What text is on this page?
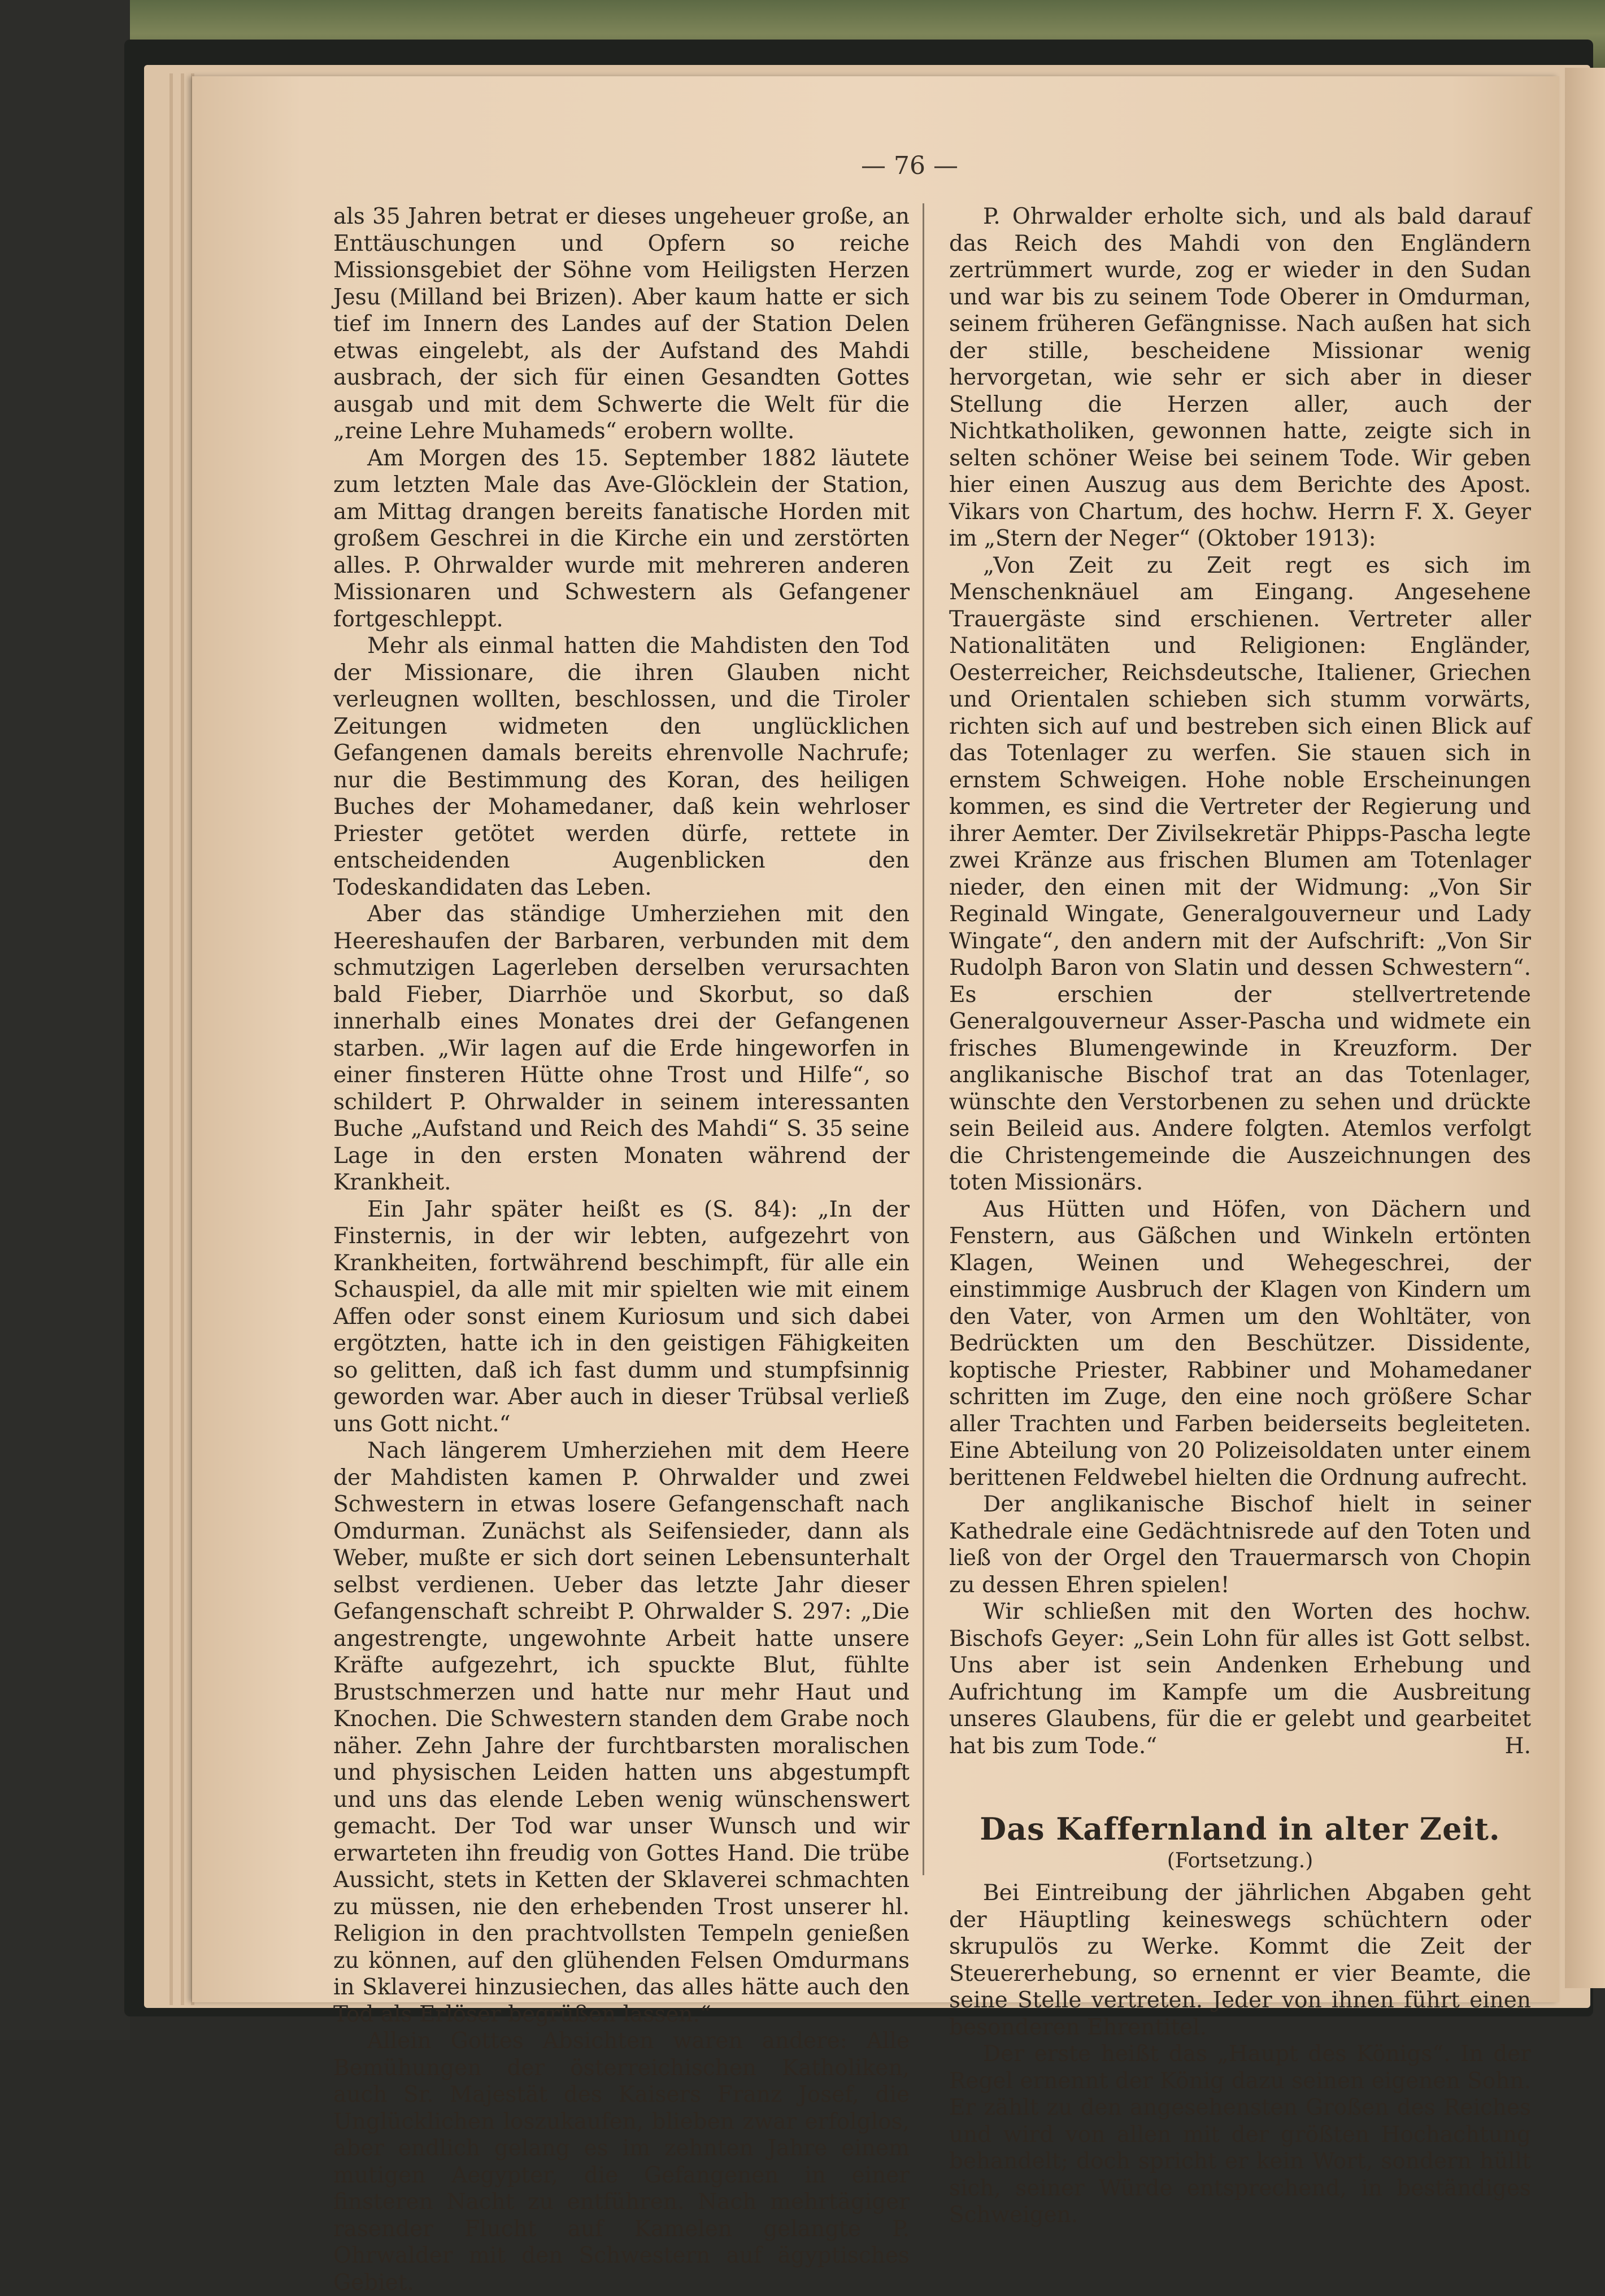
— 76 —

als 35 Jahren betrat er dieses ungeheuer große, an Enttäuschungen und Opfern so reiche Missionsgebiet der Söhne vom Heiligsten Herzen Jesu (Milland bei Brizen). Aber kaum hatte er sich tief im Innern des Landes auf der Station Delen etwas eingelebt, als der Aufstand des Mahdi ausbrach, der sich für einen Gesandten Gottes ausgab und mit dem Schwerte die Welt für die „reine Lehre Muhameds“ erobern wollte.

Am Morgen des 15. September 1882 läutete zum letzten Male das Ave-Glöcklein der Station, am Mittag drangen bereits fanatische Horden mit großem Geschrei in die Kirche ein und zerstörten alles. P. Ohrwalder wurde mit mehreren anderen Missionaren und Schwestern als Gefangener fortgeschleppt.

Mehr als einmal hatten die Mahdisten den Tod der Missionare, die ihren Glauben nicht verleugnen wollten, beschlossen, und die Tiroler Zeitungen widmeten den unglücklichen Gefangenen damals bereits ehrenvolle Nachrufe; nur die Bestimmung des Koran, des heiligen Buches der Mohamedaner, daß kein wehrloser Priester getötet werden dürfe, rettete in entscheidenden Augenblicken den Todeskandidaten das Leben.

Aber das ständige Umherziehen mit den Heereshaufen der Barbaren, verbunden mit dem schmutzigen Lagerleben derselben verursachten bald Fieber, Diarrhöe und Skorbut, so daß innerhalb eines Monates drei der Gefangenen starben. „Wir lagen auf die Erde hingeworfen in einer finsteren Hütte ohne Trost und Hilfe“, so schildert P. Ohrwalder in seinem interessanten Buche „Aufstand und Reich des Mahdi“ S. 35 seine Lage in den ersten Monaten während der Krankheit.

Ein Jahr später heißt es (S. 84): „In der Finsternis, in der wir lebten, aufgezehrt von Krankheiten, fortwährend beschimpft, für alle ein Schauspiel, da alle mit mir spielten wie mit einem Affen oder sonst einem Kuriosum und sich dabei ergötzten, hatte ich in den geistigen Fähigkeiten so gelitten, daß ich fast dumm und stumpfsinnig geworden war. Aber auch in dieser Trübsal verließ uns Gott nicht.“

Nach längerem Umherziehen mit dem Heere der Mahdisten kamen P. Ohrwalder und zwei Schwestern in etwas losere Gefangenschaft nach Omdurman. Zunächst als Seifensieder, dann als Weber, mußte er sich dort seinen Lebensunterhalt selbst verdienen. Ueber das letzte Jahr dieser Gefangenschaft schreibt P. Ohrwalder S. 297: „Die angestrengte, ungewohnte Arbeit hatte unsere Kräfte aufgezehrt, ich spuckte Blut, fühlte Brustschmerzen und hatte nur mehr Haut und Knochen. Die Schwestern standen dem Grabe noch näher. Zehn Jahre der furchtbarsten moralischen und physischen Leiden hatten uns abgestumpft und uns das elende Leben wenig wünschenswert gemacht. Der Tod war unser Wunsch und wir erwarteten ihn freudig von Gottes Hand. Die trübe Aussicht, stets in Ketten der Sklaverei schmachten zu müssen, nie den erhebenden Trost unserer hl. Religion in den prachtvollsten Tempeln genießen zu können, auf den glühenden Felsen Omdurmans in Sklaverei hinzusiechen, das alles hätte auch den Tod als Erlöser begrüßen lassen.“

Allein Gottes Absichten waren andere: Alle Bemühungen der österreichischen Katholiken, auch Sr. Majestät des Kaisers Franz Josef, die Unglücklichen loszukaufen, blieben zwar erfolglos, aber endlich gelang es im zehnten Jahre einem mutigen Aegypter, die Gefangenen in einer finsteren Nacht zu entführen. Nach mehrtägiger rasender Flucht auf Kamelen gelangte P. Ohrwalder mit den Schwestern auf ägyptisches Gebiet.

P. Ohrwalder erholte sich, und als bald darauf das Reich des Mahdi von den Engländern zertrümmert wurde, zog er wieder in den Sudan und war bis zu seinem Tode Oberer in Omdurman, seinem früheren Gefängnisse. Nach außen hat sich der stille, bescheidene Missionar wenig hervorgetan, wie sehr er sich aber in dieser Stellung die Herzen aller, auch der Nichtkatholiken, gewonnen hatte, zeigte sich in selten schöner Weise bei seinem Tode. Wir geben hier einen Auszug aus dem Berichte des Apost. Vikars von Chartum, des hochw. Herrn F. X. Geyer im „Stern der Neger“ (Oktober 1913):

„Von Zeit zu Zeit regt es sich im Menschenknäuel am Eingang. Angesehene Trauergäste sind erschienen. Vertreter aller Nationalitäten und Religionen: Engländer, Oesterreicher, Reichsdeutsche, Italiener, Griechen und Orientalen schieben sich stumm vorwärts, richten sich auf und bestreben sich einen Blick auf das Totenlager zu werfen. Sie stauen sich in ernstem Schweigen. Hohe noble Erscheinungen kommen, es sind die Vertreter der Regierung und ihrer Aemter. Der Zivilsekretär Phipps-Pascha legte zwei Kränze aus frischen Blumen am Totenlager nieder, den einen mit der Widmung: „Von Sir Reginald Wingate, Generalgouverneur und Lady Wingate“, den andern mit der Aufschrift: „Von Sir Rudolph Baron von Slatin und dessen Schwestern“. Es erschien der stellvertretende Generalgouverneur Asser-Pascha und widmete ein frisches Blumengewinde in Kreuzform. Der anglikanische Bischof trat an das Totenlager, wünschte den Verstorbenen zu sehen und drückte sein Beileid aus. Andere folgten. Atemlos verfolgt die Christengemeinde die Auszeichnungen des toten Missionärs.

Aus Hütten und Höfen, von Dächern und Fenstern, aus Gäßchen und Winkeln ertönten Klagen, Weinen und Wehegeschrei, der einstimmige Ausbruch der Klagen von Kindern um den Vater, von Armen um den Wohltäter, von Bedrückten um den Beschützer. Dissidente, koptische Priester, Rabbiner und Mohamedaner schritten im Zuge, den eine noch größere Schar aller Trachten und Farben beiderseits begleiteten. Eine Abteilung von 20 Polizeisoldaten unter einem berittenen Feldwebel hielten die Ordnung aufrecht.

Der anglikanische Bischof hielt in seiner Kathedrale eine Gedächtnisrede auf den Toten und ließ von der Orgel den Trauermarsch von Chopin zu dessen Ehren spielen!

Wir schließen mit den Worten des hochw. Bischofs Geyer: „Sein Lohn für alles ist Gott selbst. Uns aber ist sein Andenken Erhebung und Aufrichtung im Kampfe um die Ausbreitung unseres Glaubens, für die er gelebt und gearbeitet hat bis zum Tode.“	H.

Das Kaffernland in alter Zeit.
(Fortsetzung.)

Bei Eintreibung der jährlichen Abgaben geht der Häuptling keineswegs schüchtern oder skrupulös zu Werke. Kommt die Zeit der Steuererhebung, so ernennt er vier Beamte, die seine Stelle vertreten. Jeder von ihnen führt einen besonderen Ehrentitel.

Der erste heißt das „Haupt des Königs“. In der Regel ernennt der König dazu seinen eigenen Sohn. Er zählt zu den angesehensten Großen des Reiches und wird von allen mit der größten Hochachtung behandelt; doch spricht er kein Wort, sondern hüllt sich, seiner Würde entsprechend, in beständiges Schweigen.
